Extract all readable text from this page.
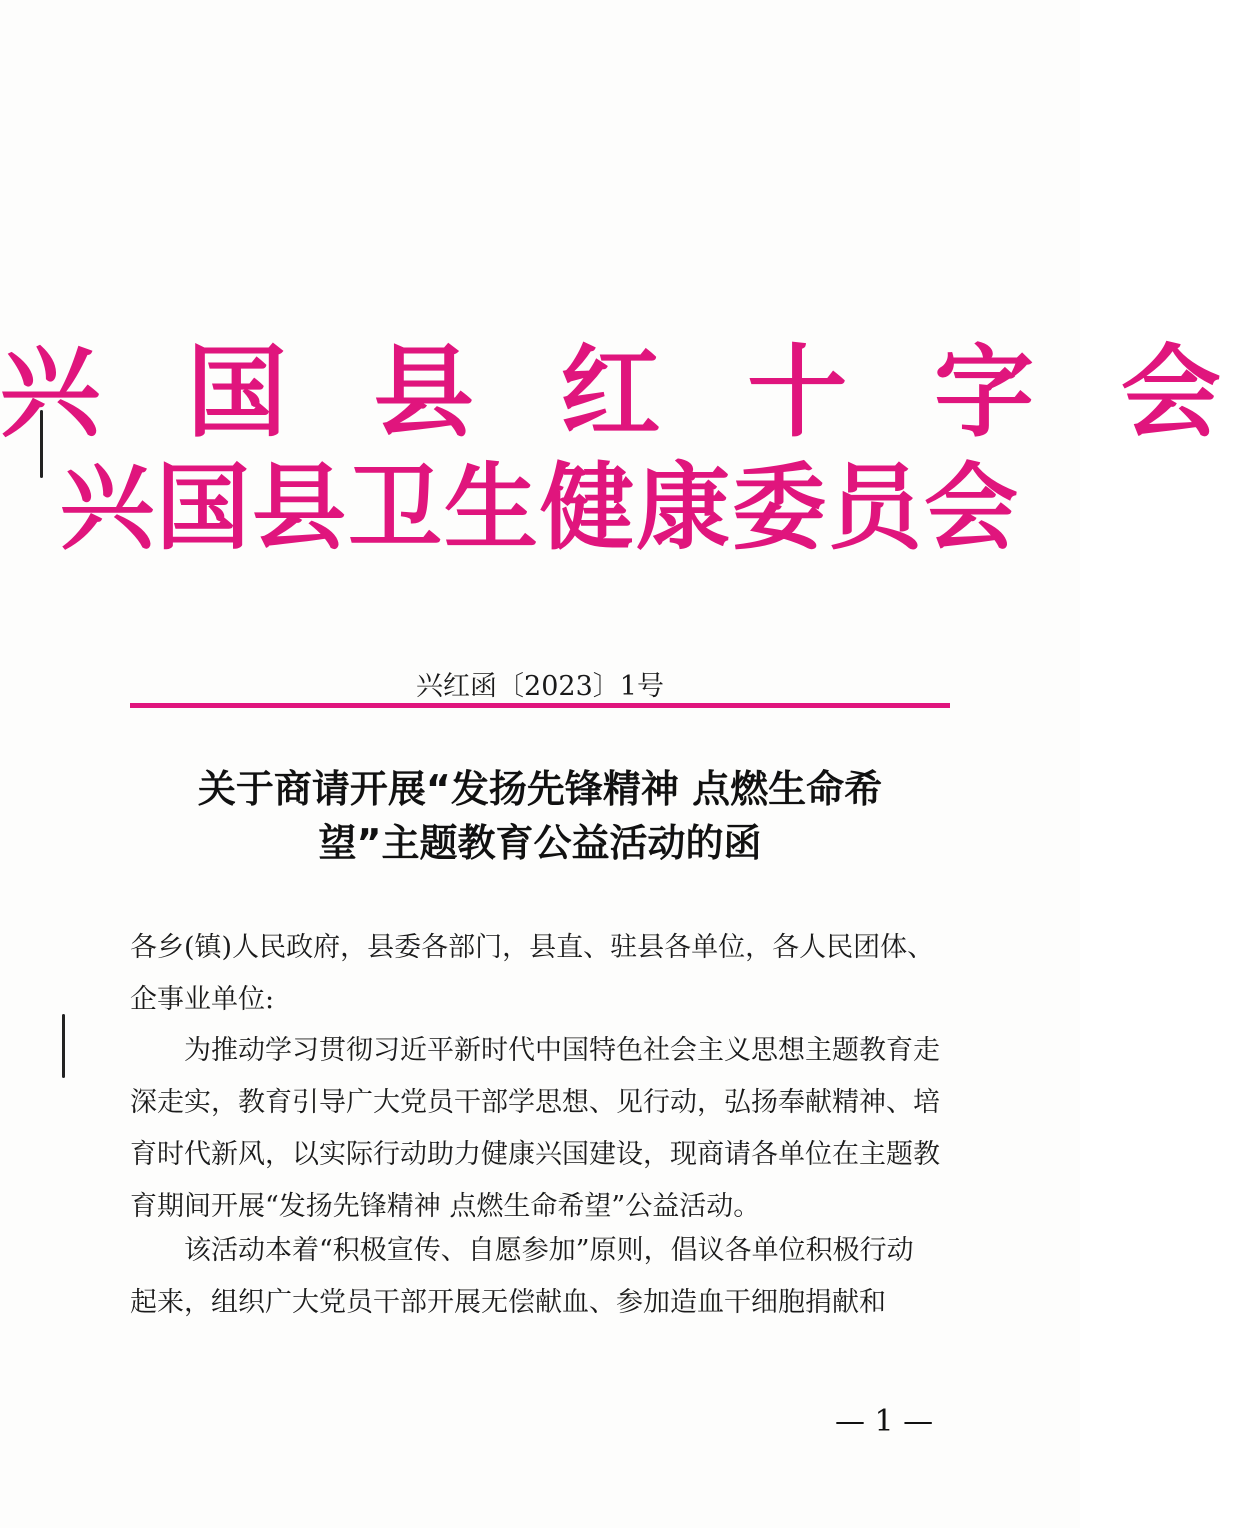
兴 国 县 红 十 字 会
兴国县卫生健康委员会
兴红函〔2023〕1号
关于商请开展“发扬先锋精神 点燃生命希望”主题教育公益活动的函
各乡(镇)人民政府，县委各部门，县直、驻县各单位，各人民团体、企事业单位:
为推动学习贯彻习近平新时代中国特色社会主义思想主题教育走深走实，教育引导广大党员干部学思想、见行动，弘扬奉献精神、培育时代新风，以实际行动助力健康兴国建设，现商请各单位在主题教育期间开展“发扬先锋精神 点燃生命希望”公益活动。
该活动本着“积极宣传、自愿参加”原则，倡议各单位积极行动起来，组织广大党员干部开展无偿献血、参加造血干细胞捐献和
— 1 —
